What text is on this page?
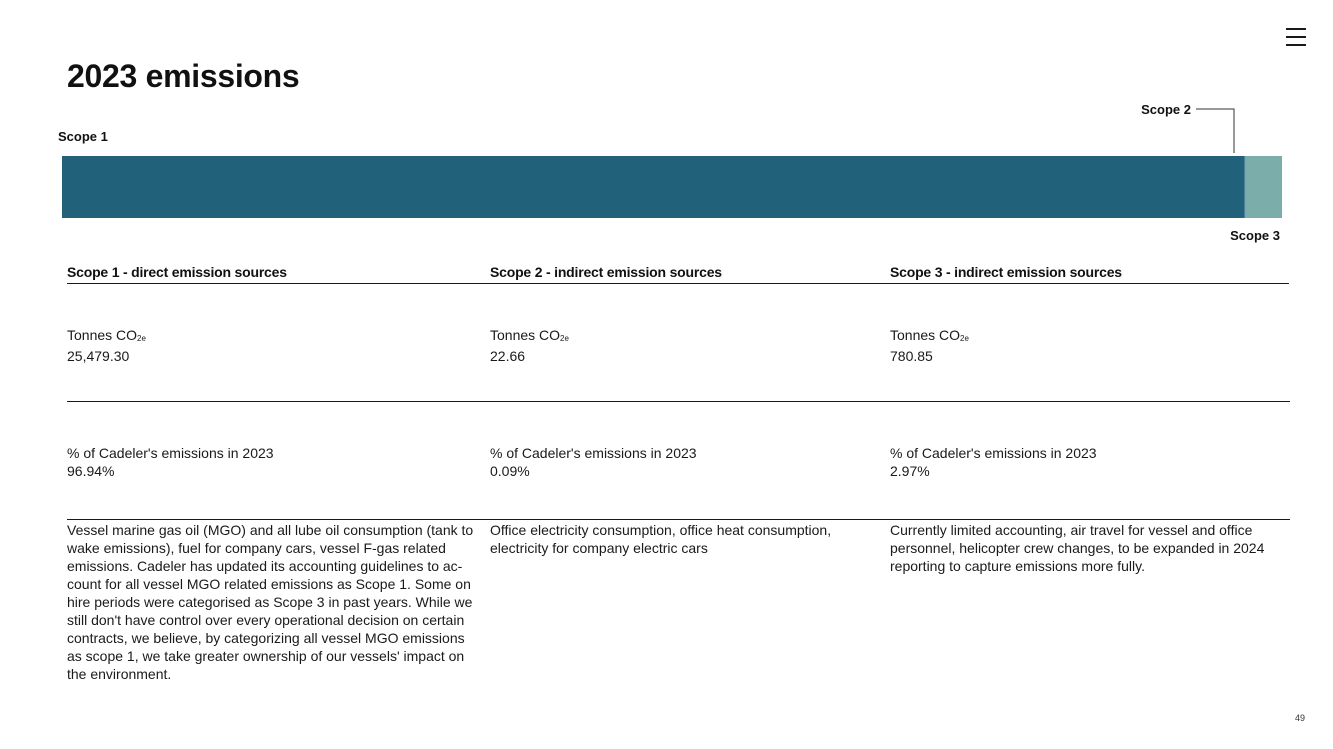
2023 emissions
Scope 1
Scope 2
Scope 3
Scope 1 - direct emission sources
Tonnes $CO_{2e}$
25,479.30
% of Cadeler's emissions in 2023
96.94%
Vessel marine gas oil (MGO) and all lube oil consumption (tank to wake emissions), fuel for company cars, vessel F-gas related emissions. Cadeler has updated its accounting guidelines to ac-count for all vessel MGO related emissions as Scope 1. Some on hire periods were categorised as Scope 3 in past years. While we still don't have control over every operational decision on certain contracts, we believe, by categorizing all vessel MGO emissions as scope 1, we take greater ownership of our vessels' impact on the environment.
Scope 2 - indirect emission sources
Tonnes $CO_{2e}$
22.66
% of Cadeler's emissions in 2023
0.09%
Office electricity consumption, office heat consumption, electricity for company electric cars
Scope 3 - indirect emission sources
Tonnes $CO_{2e}$
780.85
% of Cadeler's emissions in 2023
2.97%
Currently limited accounting, air travel for vessel and office personnel, helicopter crew changes, to be expanded in 2024 reporting to capture emissions more fully.
49
